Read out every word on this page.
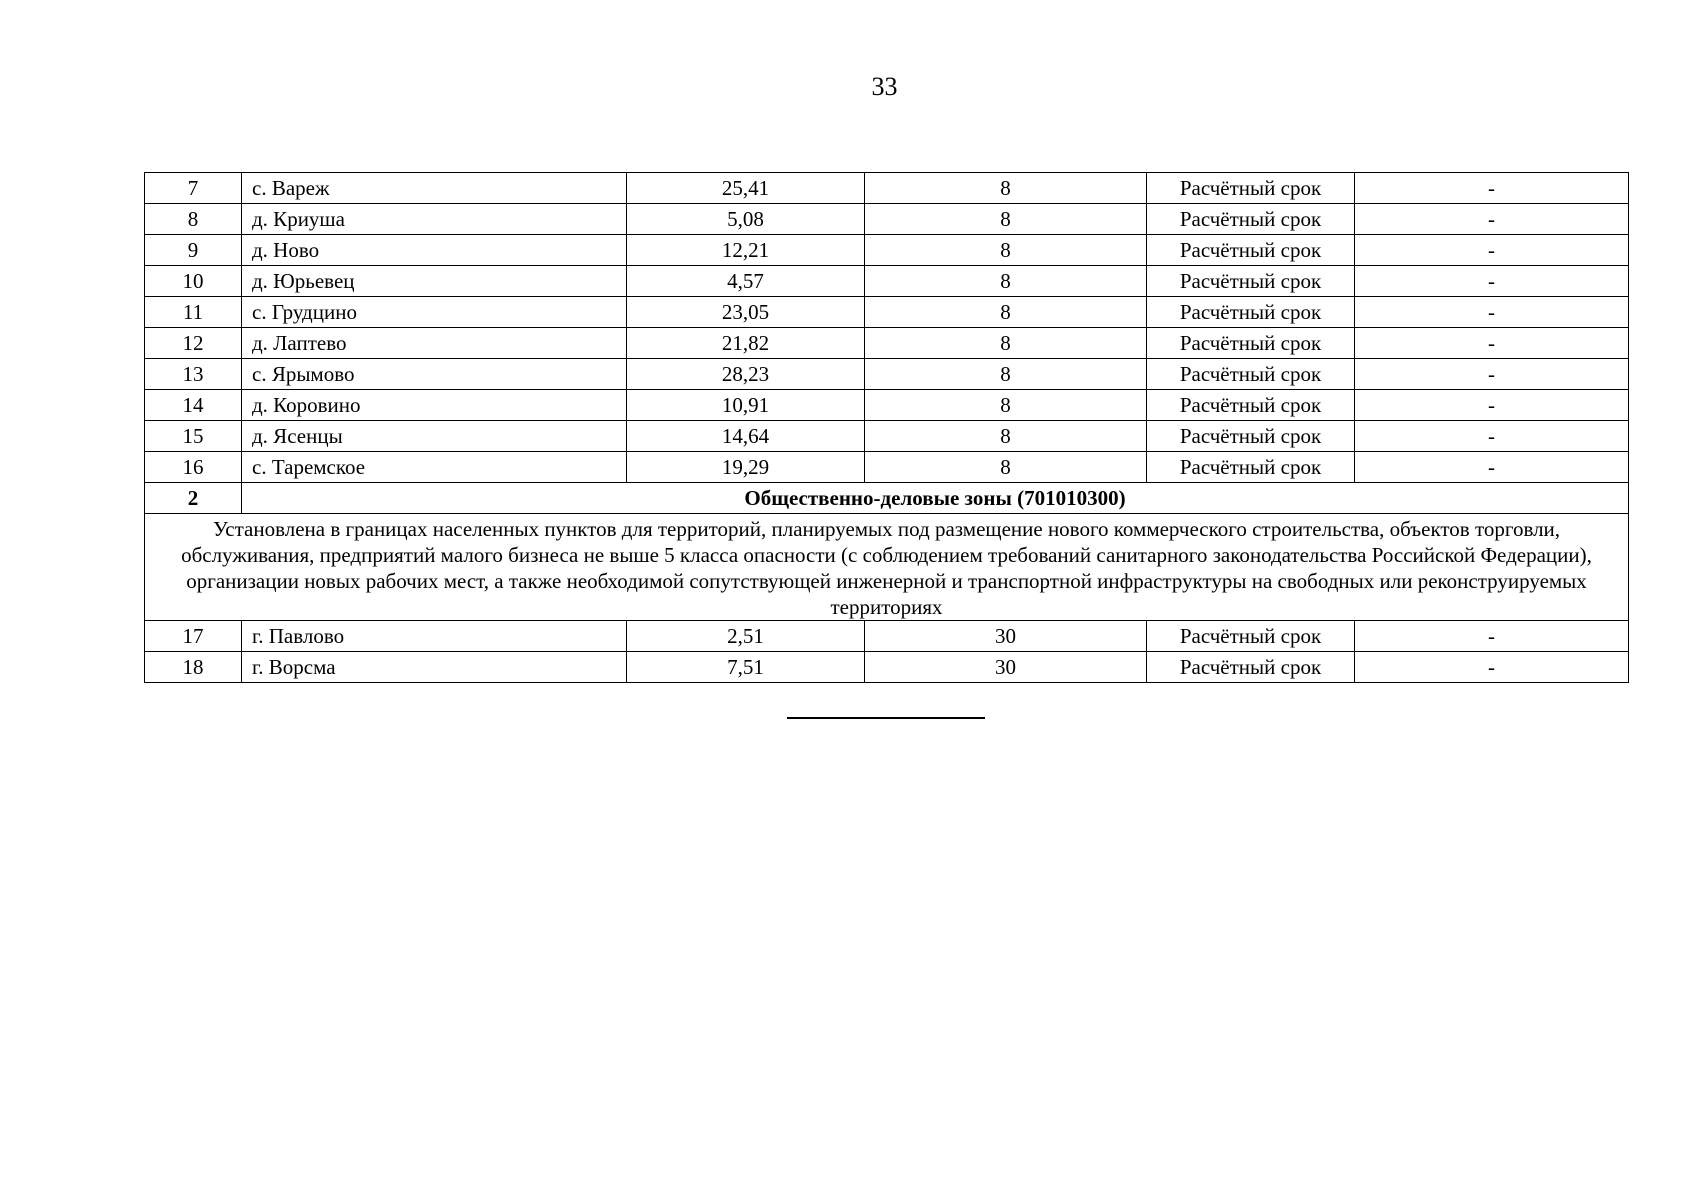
33
7	с. Вареж	25,41	8	Расчётный срок	-
8	д. Криуша	5,08	8	Расчётный срок	-
9	д. Ново	12,21	8	Расчётный срок	-
10	д. Юрьевец	4,57	8	Расчётный срок	-
11	с. Грудцино	23,05	8	Расчётный срок	-
12	д. Лаптево	21,82	8	Расчётный срок	-
13	с. Ярымово	28,23	8	Расчётный срок	-
14	д. Коровино	10,91	8	Расчётный срок	-
15	д. Ясенцы	14,64	8	Расчётный срок	-
16	с. Таремское	19,29	8	Расчётный срок	-
2	Общественно-деловые зоны (701010300)				
Установлена в границах населенных пунктов для территорий, планируемых под размещение нового коммерческого строительства, объектов торговли, обслуживания, предприятий малого бизнеса не выше 5 класса опасности (с соблюдением требований санитарного законодательства Российской Федерации), организации новых рабочих мест, а также необходимой сопутствующей инженерной и транспортной инфраструктуры на свободных или реконструируемых территориях					
17	г. Павлово	2,51	30	Расчётный срок	-
18	г. Ворсма	7,51	30	Расчётный срок	-
